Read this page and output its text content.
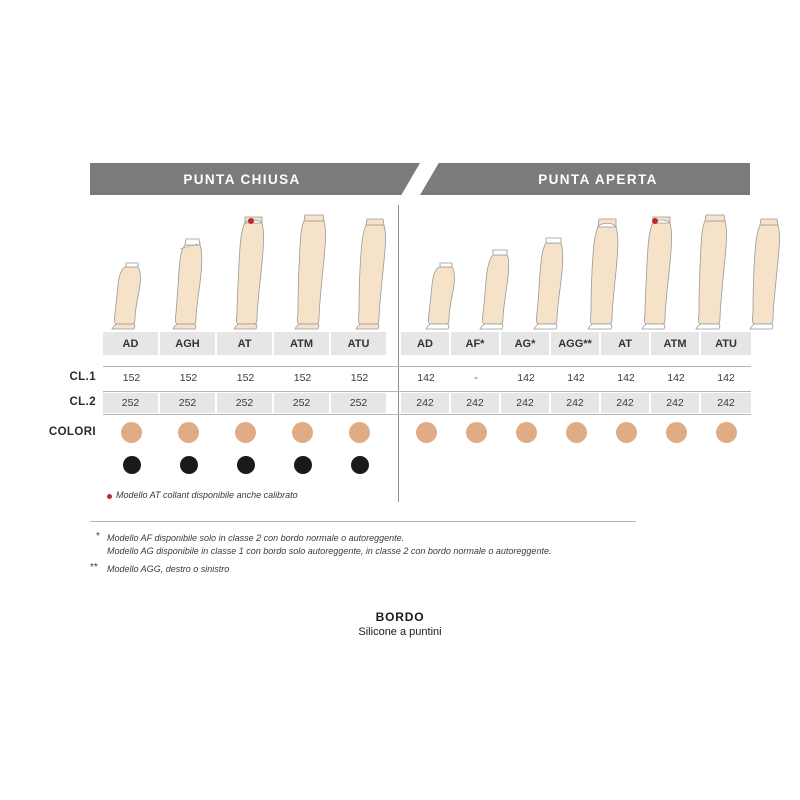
PUNTA CHIUSA	PUNTA APERTA
AD	AGH	AT	ATM	ATU	AD	AF*	AG*	AGG**	AT	ATM	ATU
CL.1	152	152	152	152	152	142	-	142	142	142	142	142
CL.2	252	252	252	252	252	242	242	242	242	242	242	242
COLORI
Modello AT collant disponibile anche calibrato
* Modello AF disponibile solo in classe 2 con bordo normale o autoreggente.
Modello AG disponibile in classe 1 con bordo solo autoreggente, in classe 2 con bordo normale o autoreggente.
** Modello AGG, destro o sinistro
BORDO
Silicone a puntini
